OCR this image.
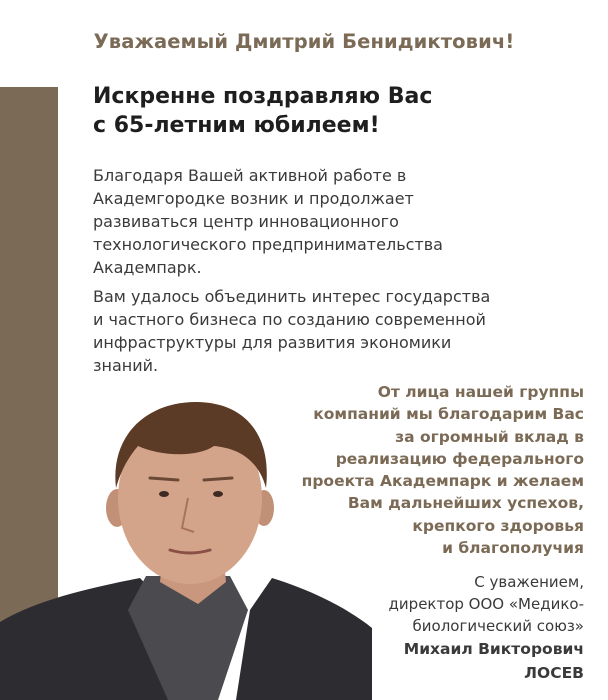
Уважаемый Дмитрий Бенидиктович!
Искренне поздравляю Вас
с 65-летним юбилеем!
Благодаря Вашей активной работе в
Академгородке возник и продолжает
развиваться центр инновационного
технологического предпринимательства
Академпарк.
Вам удалось объединить интерес государства
и частного бизнеса по созданию современной
инфраструктуры для развития экономики
знаний.
От лица нашей группы
компаний мы благодарим Вас
за огромный вклад в
реализацию федерального
проекта Академпарк и желаем
Вам дальнейших успехов,
крепкого здоровья
и благополучия
С уважением,
директор ООО «Медико-
биологический союз»
Михаил Викторович
ЛОСЕВ
